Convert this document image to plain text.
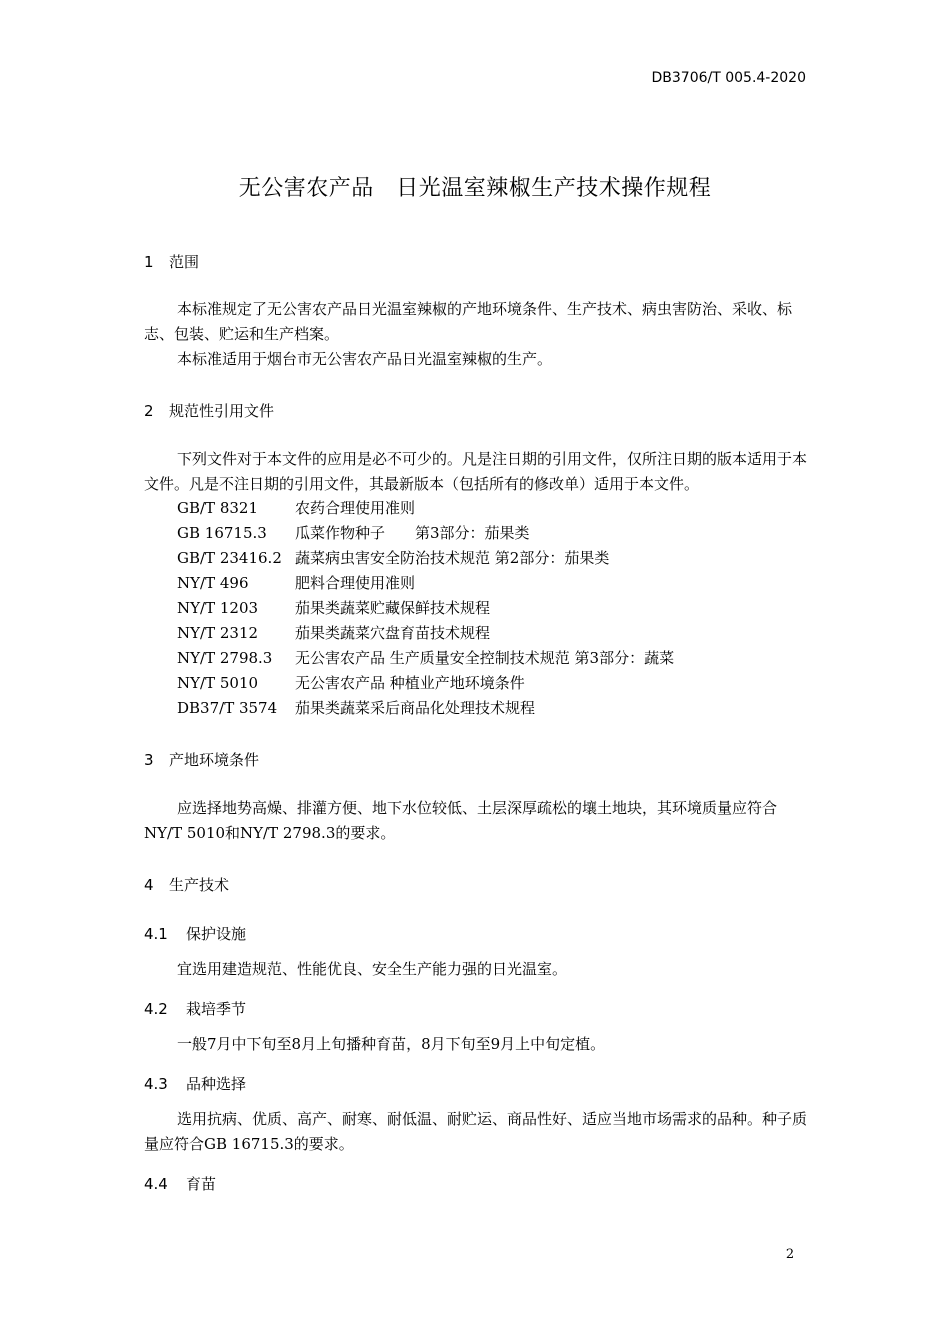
DB3706/T 005.4-2020
无公害农产品　日光温室辣椒生产技术操作规程
1 范围
本标准规定了无公害农产品日光温室辣椒的产地环境条件、生产技术、病虫害防治、采收、标志、包装、贮运和生产档案。
本标准适用于烟台市无公害农产品日光温室辣椒的生产。
2 规范性引用文件
下列文件对于本文件的应用是必不可少的。凡是注日期的引用文件，仅所注日期的版本适用于本文件。凡是不注日期的引用文件，其最新版本（包括所有的修改单）适用于本文件。
GB/T 8321 农药合理使用准则
GB 16715.3 瓜菜作物种子　　第3部分：茄果类
GB/T 23416.2 蔬菜病虫害安全防治技术规范 第2部分：茄果类
NY/T 496	肥料合理使用准则
NY/T 1203 茄果类蔬菜贮藏保鲜技术规程
NY/T 2312 茄果类蔬菜穴盘育苗技术规程
NY/T 2798.3 无公害农产品 生产质量安全控制技术规范 第3部分：蔬菜
NY/T 5010 无公害农产品 种植业产地环境条件
DB37/T 3574 茄果类蔬菜采后商品化处理技术规程
3 产地环境条件
应选择地势高燥、排灌方便、地下水位较低、土层深厚疏松的壤土地块，其环境质量应符合NY/T 5010和NY/T 2798.3的要求。
4 生产技术
4.1 保护设施
宜选用建造规范、性能优良、安全生产能力强的日光温室。
4.2 栽培季节
一般7月中下旬至8月上旬播种育苗，8月下旬至9月上中旬定植。
4.3 品种选择
选用抗病、优质、高产、耐寒、耐低温、耐贮运、商品性好、适应当地市场需求的品种。种子质量应符合GB 16715.3的要求。
4.4 育苗
2
